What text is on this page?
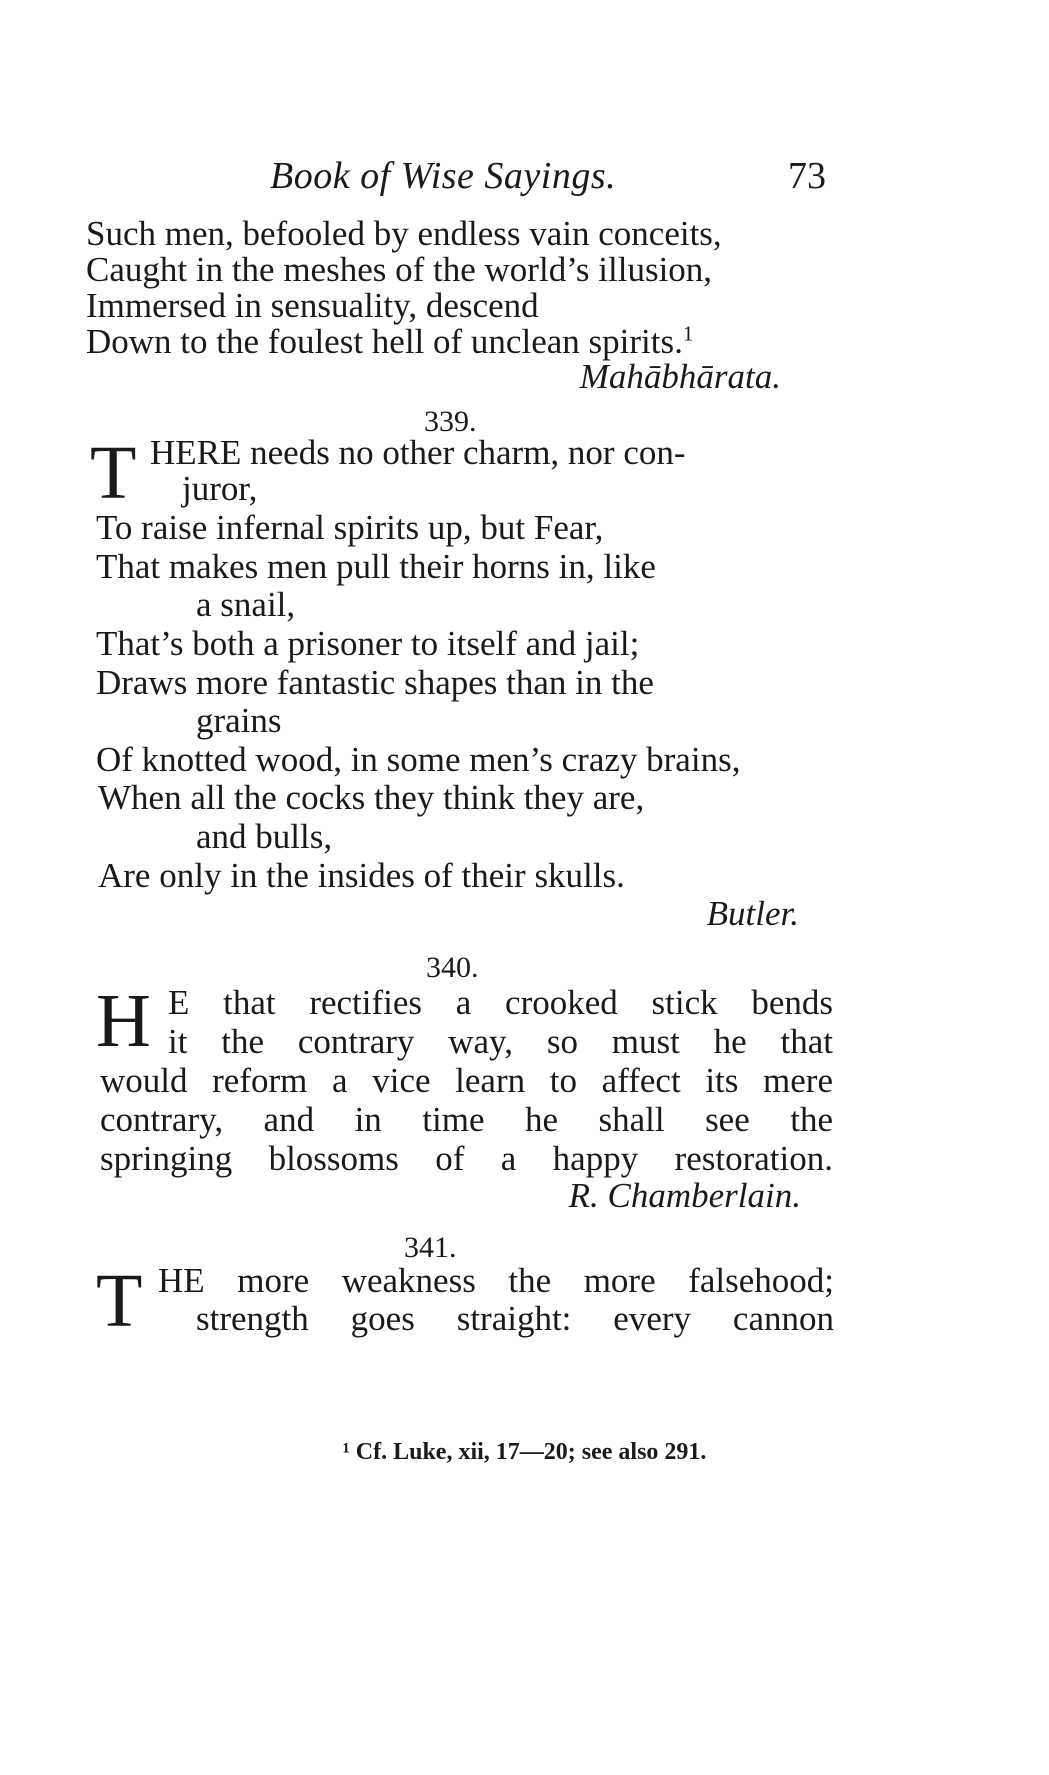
Book of Wise Sayings.	73
Such men, befooled by endless vain conceits,
Caught in the meshes of the world’s illusion,
Immersed in sensuality, descend
Down to the foulest hell of unclean spirits.$^1$
Mahābhārata.
339.
T HERE needs no other charm, nor con-
juror,
To raise infernal spirits up, but Fear,
That makes men pull their horns in, like
a snail,
That’s both a prisoner to itself and jail;
Draws more fantastic shapes than in the
grains
Of knotted wood, in some men’s crazy brains,
When all the cocks they think they are,
and bulls,
Are only in the insides of their skulls.
Butler.
340.
H E that rectifies a crooked stick bends
it the contrary way, so must he that
would reform a vice learn to affect its mere
contrary, and in time he shall see the
springing blossoms of a happy restoration.
R. Chamberlain.
341.
T HE more weakness the more falsehood;
strength goes straight: every cannon
¹ Cf. Luke, xii, 17—20; see also 291.
